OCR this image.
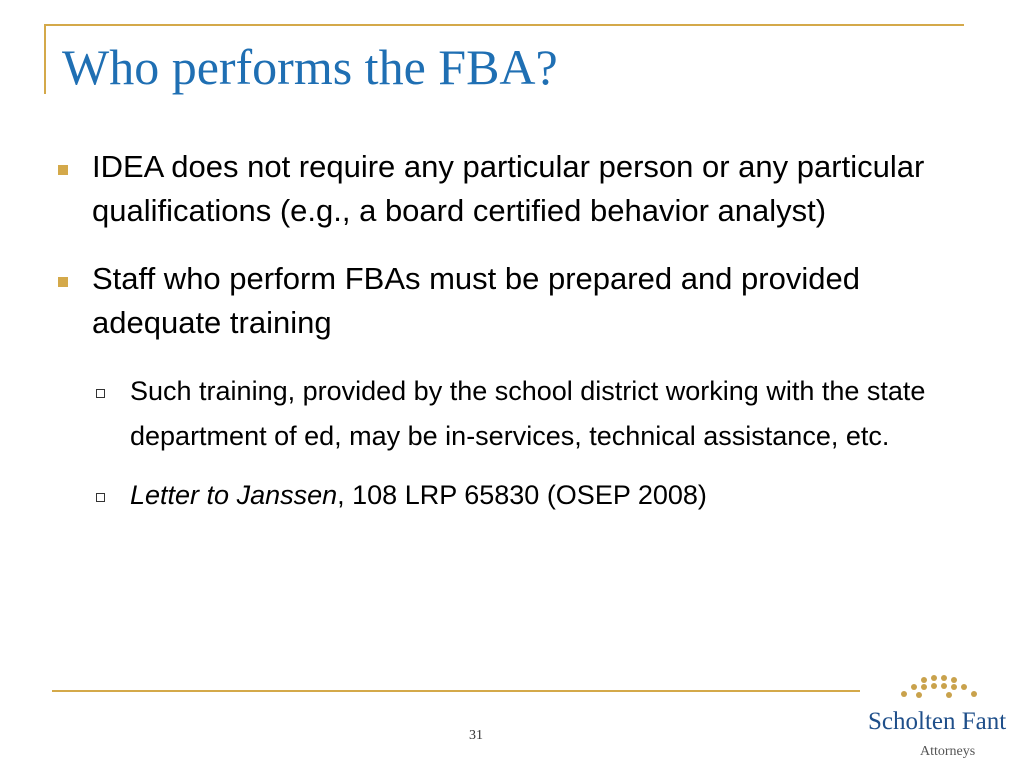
Who performs the FBA?
IDEA does not require any particular person or any particular qualifications (e.g., a board certified behavior analyst)
Staff who perform FBAs must be prepared and provided adequate training
Such training, provided by the school district working with the state department of ed, may be in-services, technical assistance, etc.
Letter to Janssen, 108 LRP 65830 (OSEP 2008)
31
Scholten Fant
Attorneys
